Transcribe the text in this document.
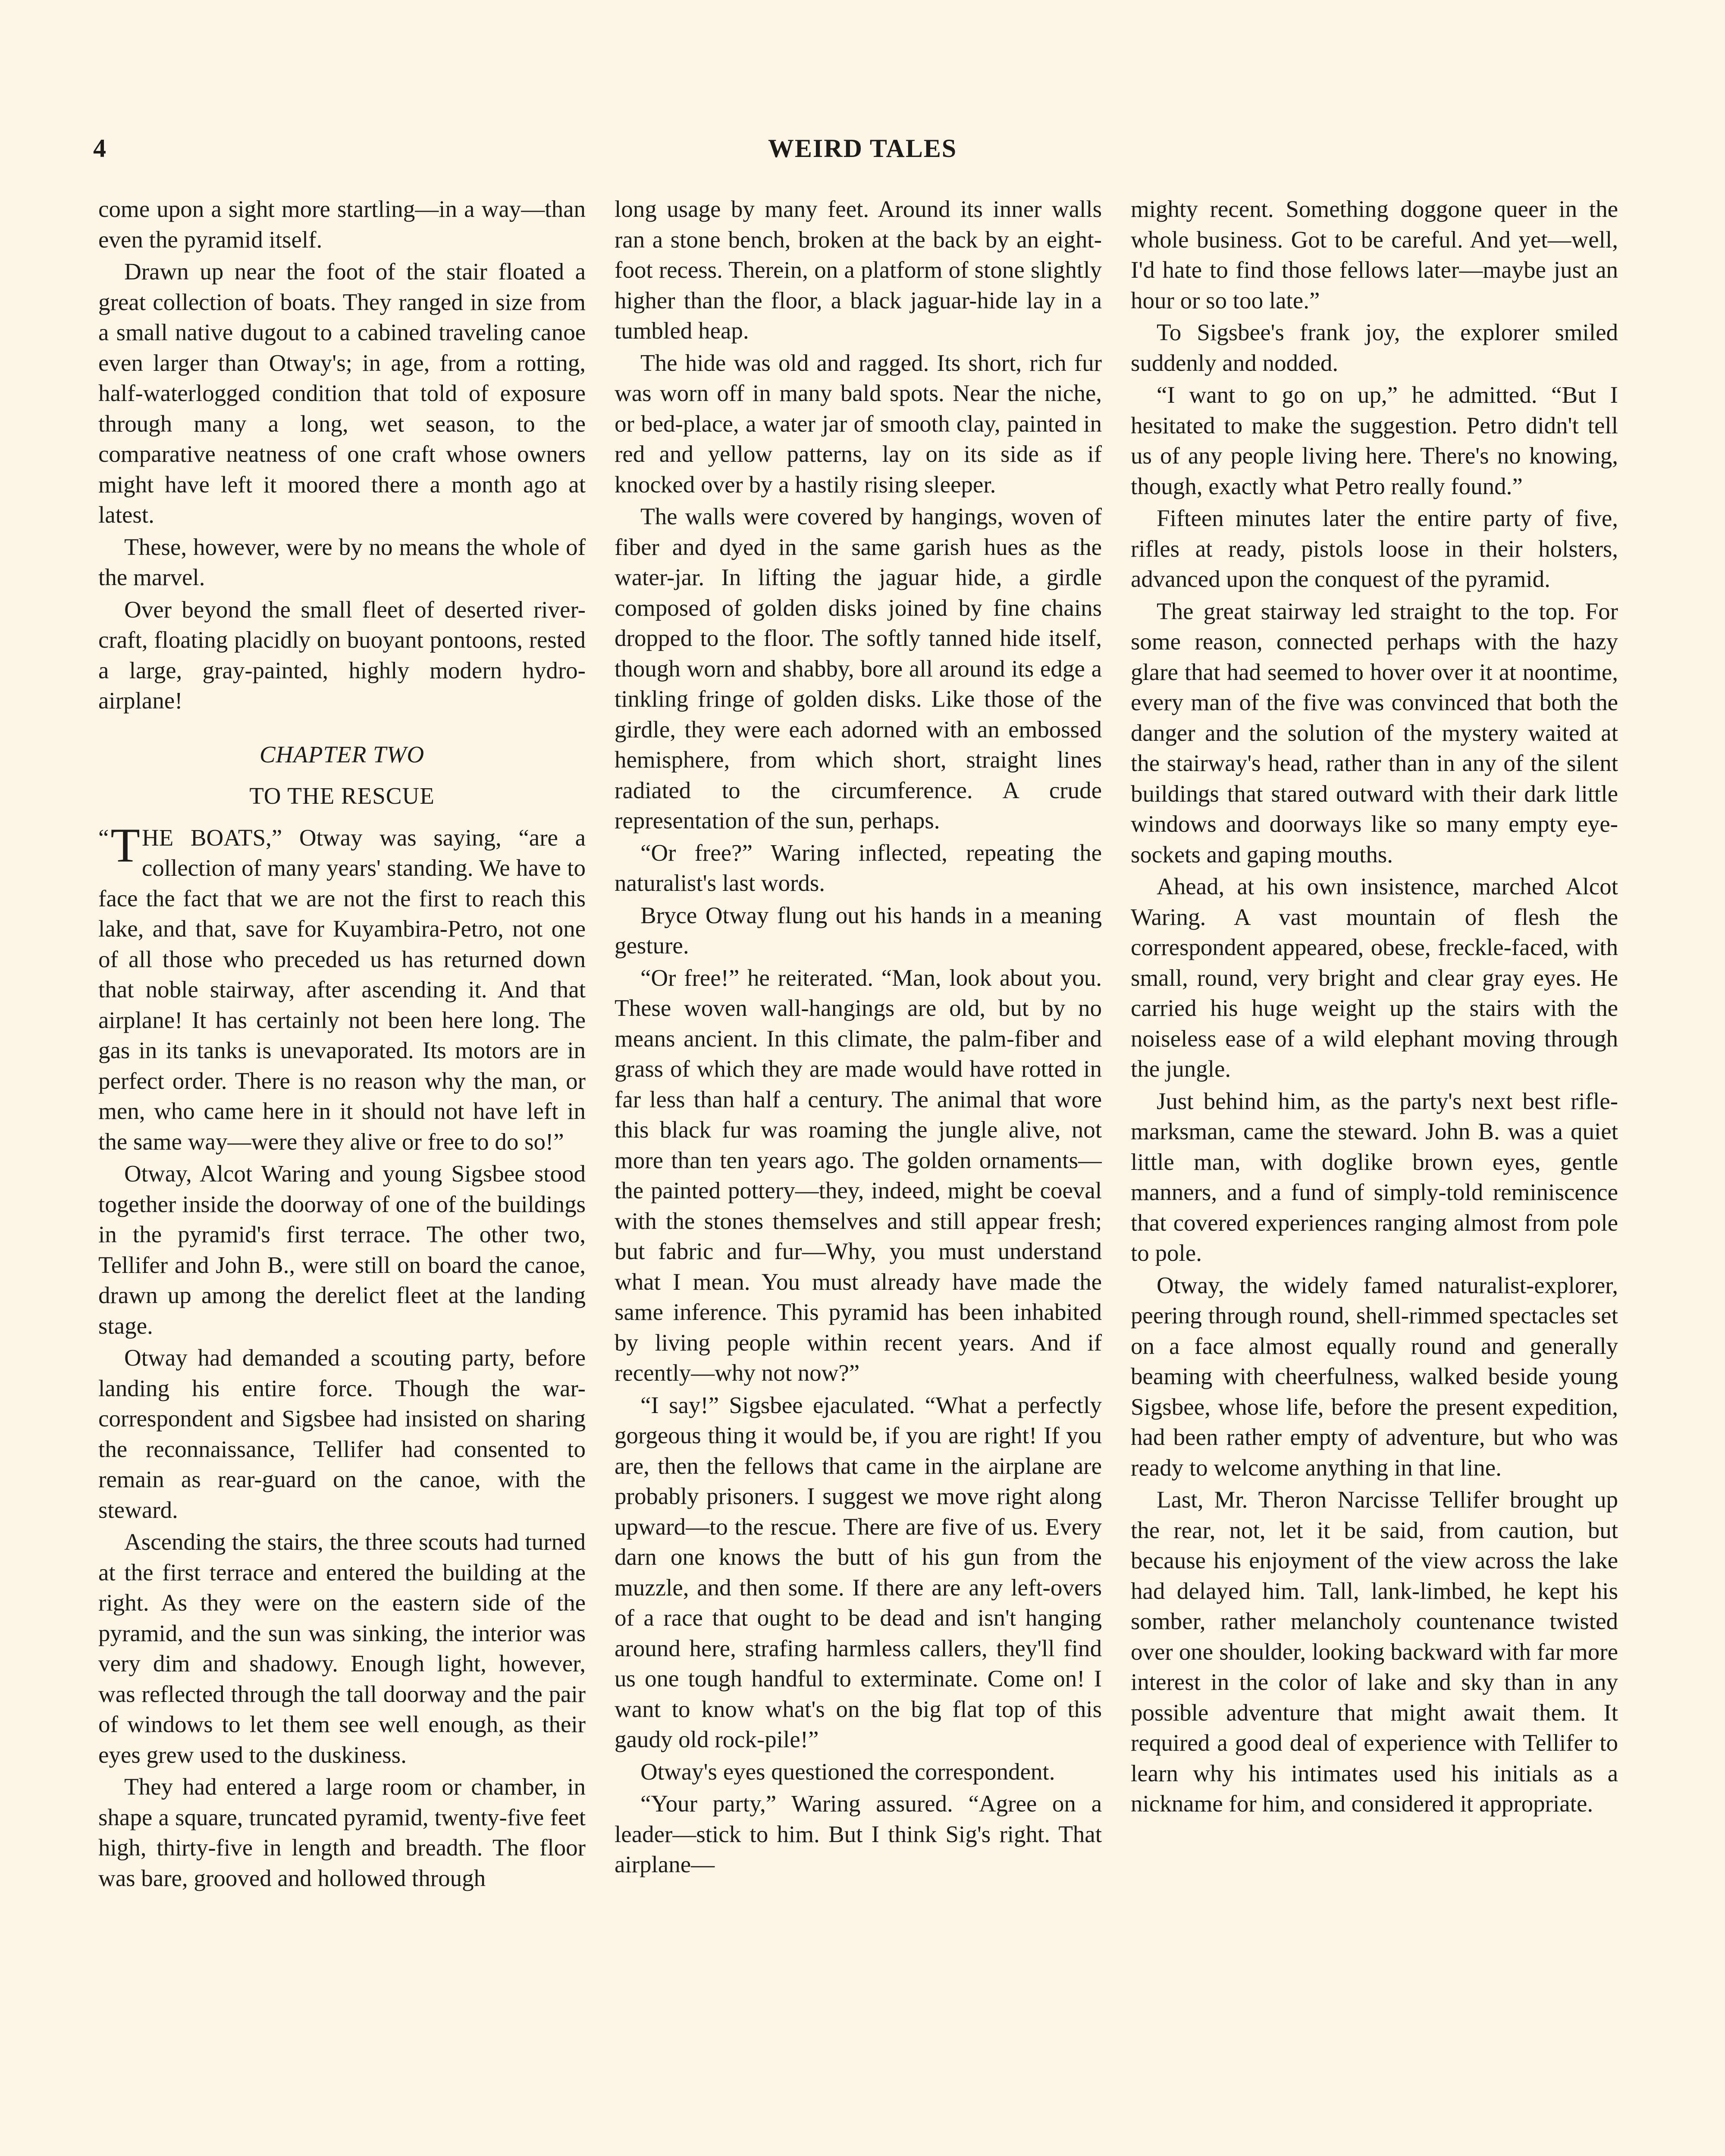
4	WEIRD TALES

come upon a sight more startling—in a way—than even the pyramid itself.

Drawn up near the foot of the stair floated a great collection of boats. They ranged in size from a small native dugout to a cabined traveling canoe even larger than Otway's; in age, from a rotting, half-waterlogged condition that told of exposure through many a long, wet season, to the comparative neatness of one craft whose owners might have left it moored there a month ago at latest.

These, however, were by no means the whole of the marvel.

Over beyond the small fleet of deserted river-craft, floating placidly on buoyant pontoons, rested a large, gray-painted, highly modern hydro-airplane!

CHAPTER TWO
TO THE RESCUE

“ T HE BOATS,” Otway was saying, “are a collection of many years' standing. We have to face the fact that we are not the first to reach this lake, and that, save for Kuyambira-Petro, not one of all those who preceded us has returned down that noble stairway, after ascending it. And that airplane! It has certainly not been here long. The gas in its tanks is unevaporated. Its motors are in perfect order. There is no reason why the man, or men, who came here in it should not have left in the same way—were they alive or free to do so!”

Otway, Alcot Waring and young Sigsbee stood together inside the doorway of one of the buildings in the pyramid's first terrace. The other two, Tellifer and John B., were still on board the canoe, drawn up among the derelict fleet at the landing stage.

Otway had demanded a scouting party, before landing his entire force. Though the war-correspondent and Sigsbee had insisted on sharing the reconnaissance, Tellifer had consented to remain as rear-guard on the canoe, with the steward.

Ascending the stairs, the three scouts had turned at the first terrace and entered the building at the right. As they were on the eastern side of the pyramid, and the sun was sinking, the interior was very dim and shadowy. Enough light, however, was reflected through the tall doorway and the pair of windows to let them see well enough, as their eyes grew used to the duskiness.

They had entered a large room or chamber, in shape a square, truncated pyramid, twenty-five feet high, thirty-five in length and breadth. The floor was bare, grooved and hollowed through

long usage by many feet. Around its inner walls ran a stone bench, broken at the back by an eight-foot recess. Therein, on a platform of stone slightly higher than the floor, a black jaguar-hide lay in a tumbled heap.

The hide was old and ragged. Its short, rich fur was worn off in many bald spots. Near the niche, or bed-place, a water jar of smooth clay, painted in red and yellow patterns, lay on its side as if knocked over by a hastily rising sleeper.

The walls were covered by hangings, woven of fiber and dyed in the same garish hues as the water-jar. In lifting the jaguar hide, a girdle composed of golden disks joined by fine chains dropped to the floor. The softly tanned hide itself, though worn and shabby, bore all around its edge a tinkling fringe of golden disks. Like those of the girdle, they were each adorned with an embossed hemisphere, from which short, straight lines radiated to the circumference. A crude representation of the sun, perhaps.

“Or free?” Waring inflected, repeating the naturalist's last words.

Bryce Otway flung out his hands in a meaning gesture.

“Or free!” he reiterated. “Man, look about you. These woven wall-hangings are old, but by no means ancient. In this climate, the palm-fiber and grass of which they are made would have rotted in far less than half a century. The animal that wore this black fur was roaming the jungle alive, not more than ten years ago. The golden ornaments—the painted pottery—they, indeed, might be coeval with the stones themselves and still appear fresh; but fabric and fur—Why, you must understand what I mean. You must already have made the same inference. This pyramid has been inhabited by living people within recent years. And if recently—why not now?”

“I say!” Sigsbee ejaculated. “What a perfectly gorgeous thing it would be, if you are right! If you are, then the fellows that came in the airplane are probably prisoners. I suggest we move right along upward—to the rescue. There are five of us. Every darn one knows the butt of his gun from the muzzle, and then some. If there are any left-overs of a race that ought to be dead and isn't hanging around here, strafing harmless callers, they'll find us one tough handful to exterminate. Come on! I want to know what's on the big flat top of this gaudy old rock-pile!”

Otway's eyes questioned the correspondent.

“Your party,” Waring assured. “Agree on a leader—stick to him. But I think Sig's right. That airplane—

mighty recent. Something doggone queer in the whole business. Got to be careful. And yet—well, I'd hate to find those fellows later—maybe just an hour or so too late.”

To Sigsbee's frank joy, the explorer smiled suddenly and nodded.

“I want to go on up,” he admitted. “But I hesitated to make the suggestion. Petro didn't tell us of any people living here. There's no knowing, though, exactly what Petro really found.”

Fifteen minutes later the entire party of five, rifles at ready, pistols loose in their holsters, advanced upon the conquest of the pyramid.

The great stairway led straight to the top. For some reason, connected perhaps with the hazy glare that had seemed to hover over it at noontime, every man of the five was convinced that both the danger and the solution of the mystery waited at the stairway's head, rather than in any of the silent buildings that stared outward with their dark little windows and doorways like so many empty eye-sockets and gaping mouths.

Ahead, at his own insistence, marched Alcot Waring. A vast mountain of flesh the correspondent appeared, obese, freckle-faced, with small, round, very bright and clear gray eyes. He carried his huge weight up the stairs with the noiseless ease of a wild elephant moving through the jungle.

Just behind him, as the party's next best rifle-marksman, came the steward. John B. was a quiet little man, with doglike brown eyes, gentle manners, and a fund of simply-told reminiscence that covered experiences ranging almost from pole to pole.

Otway, the widely famed naturalist-explorer, peering through round, shell-rimmed spectacles set on a face almost equally round and generally beaming with cheerfulness, walked beside young Sigsbee, whose life, before the present expedition, had been rather empty of adventure, but who was ready to welcome anything in that line.

Last, Mr. Theron Narcisse Tellifer brought up the rear, not, let it be said, from caution, but because his enjoyment of the view across the lake had delayed him. Tall, lank-limbed, he kept his somber, rather melancholy countenance twisted over one shoulder, looking backward with far more interest in the color of lake and sky than in any possible adventure that might await them. It required a good deal of experience with Tellifer to learn why his intimates used his initials as a nickname for him, and considered it appropriate.
